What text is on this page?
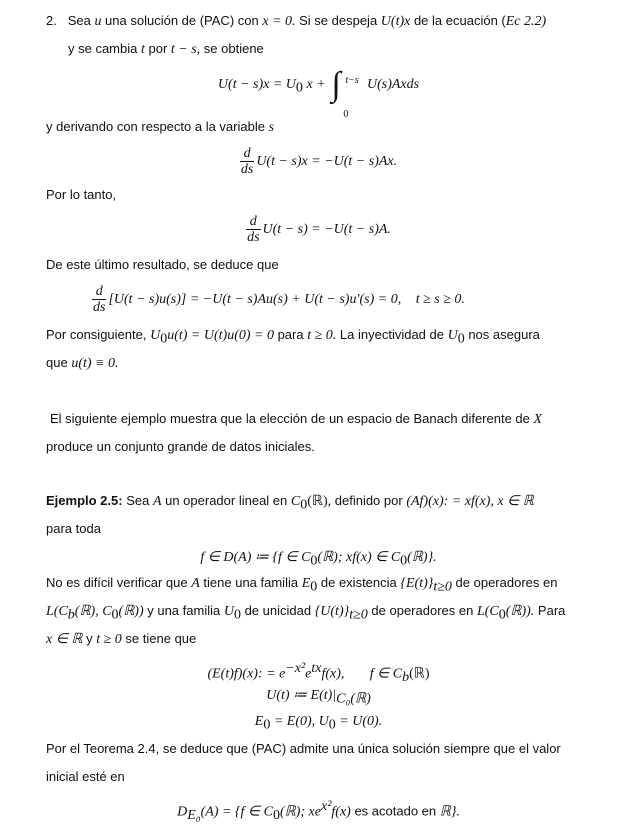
2. Sea u una solución de (PAC) con x = 0. Si se despeja U(t)x de la ecuación (Ec 2.2)
y se cambia t por t − s, se obtiene
$U(t - s)x = U_0$ x + ∫ t−s
0
U(s)Axds
y derivando con respecto a la variable s
$\frac{d}{ds} U(t - s)x = -U(t - s)Ax$.
Por lo tanto,
$\frac{d}{ds} U(t - s) = -U(t - s)A$.
De este último resultado, se deduce que
$\frac{d}{ds} [U(t - s)u(s)] = -U(t - s)Au(s) + U(t - s)u'(s) = 0$, t ≥ s ≥ 0.
Por consiguiente, $U_0u(t) = U(t)u(0) = 0$ para t ≥ 0. La inyectividad de $U_0$ nos asegura
que u(t) ≡ 0.
El siguiente ejemplo muestra que la elección de un espacio de Banach diferente de X
produce un conjunto grande de datos iniciales.
Ejemplo 2.5: Sea A un operador lineal en $C_0(ℝ)$, definido por (Af)(x): = xf(x), x ∈ ℝ
para toda
f ∈ D(A) ≔ {f ∈ $C_0(ℝ)$; xf(x) ∈ $C_0(ℝ)$}.
No es difícil verificar que A tiene una familia $E_0$ de existencia $\{E(t)\}_{t\ge 0}$ de operadores en
$L(C_b(ℝ)$, $C_0(ℝ)$) y una familia $U_0$ de unicidad $\{U(t)\}_{t\ge 0}$ de operadores en $L(C_0(ℝ))$. Para
x ∈ ℝ y t ≥ 0 se tiene que
(E(t)f)(x): = $e^{-x^2}e^{tx}f(x)$, f ∈ $C_b(ℝ)$
U(t) ≔ $E(t)|_{C_0(ℝ)}$
$E_0 = E(0)$, $U_0 = U(0)$.
Por el Teorema 2.4, se deduce que (PAC) admite una única solución siempre que el valor
inicial esté en
$D_{E_0}(A) = \{f$ ∈ $C_0(ℝ)$; $xe^{x^2}f(x)$ es acotado en ℝ}.
